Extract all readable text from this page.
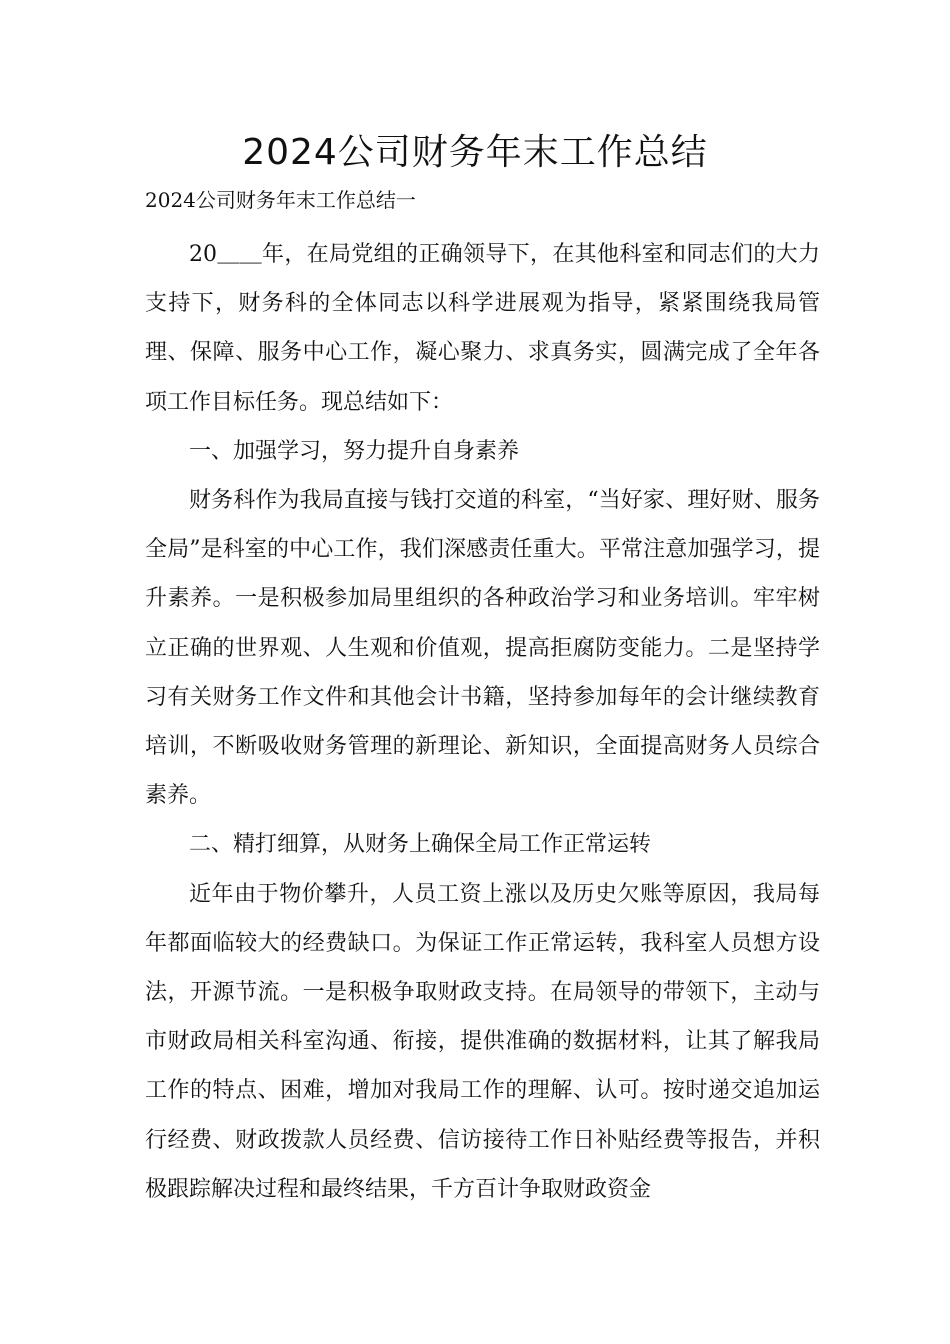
2024公司财务年末工作总结

2024公司财务年末工作总结一

20＿＿年，在局党组的正确领导下，在其他科室和同志们的大力支持下，财务科的全体同志以科学进展观为指导，紧紧围绕我局管理、保障、服务中心工作，凝心聚力、求真务实，圆满完成了全年各项工作目标任务。现总结如下：

一、加强学习，努力提升自身素养

财务科作为我局直接与钱打交道的科室，“当好家、理好财、服务全局”是科室的中心工作，我们深感责任重大。平常注意加强学习，提升素养。一是积极参加局里组织的各种政治学习和业务培训。牢牢树立正确的世界观、人生观和价值观，提高拒腐防变能力。二是坚持学习有关财务工作文件和其他会计书籍，坚持参加每年的会计继续教育培训，不断吸收财务管理的新理论、新知识，全面提高财务人员综合素养。

二、精打细算，从财务上确保全局工作正常运转

近年由于物价攀升，人员工资上涨以及历史欠账等原因，我局每年都面临较大的经费缺口。为保证工作正常运转，我科室人员想方设法，开源节流。一是积极争取财政支持。在局领导的带领下，主动与市财政局相关科室沟通、衔接，提供准确的数据材料，让其了解我局工作的特点、困难，增加对我局工作的理解、认可。按时递交追加运行经费、财政拨款人员经费、信访接待工作日补贴经费等报告，并积极跟踪解决过程和最终结果，千方百计争取财政资金
